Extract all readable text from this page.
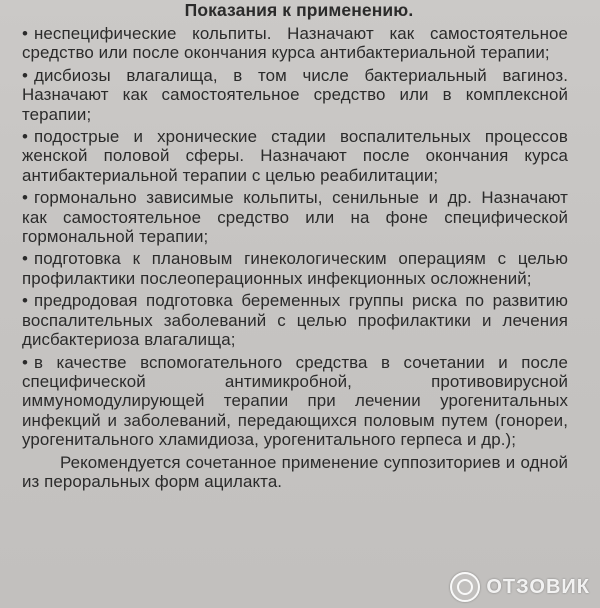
Показания к применению.
• неспецифические кольпиты. Назначают как самостоятельное средство или после окончания курса антибактериальной терапии;
• дисбиозы влагалища, в том числе бактериальный вагиноз. Назначают как самостоятельное средство или в комплексной терапии;
• подострые и хронические стадии воспалительных процессов женской половой сферы. Назначают после окончания курса антибактериальной терапии с целью реабилитации;
• гормонально зависимые кольпиты, сенильные и др. Назначают как самостоятельное средство или на фоне специфической гормональной терапии;
• подготовка к плановым гинекологическим операциям с целью профилактики послеоперационных инфекционных осложнений;
• предродовая подготовка беременных группы риска по развитию воспалительных заболеваний с целью профилактики и лечения дисбактериоза влагалища;
• в качестве вспомогательного средства в сочетании и после специфической антимикробной, противовирусной иммуномодулирующей терапии при лечении урогенитальных инфекций и заболеваний, передающихся половым путем (гонореи, урогенитального хламидиоза, урогенитального герпеса и др.);
Рекомендуется сочетанное применение суппозиториев и одной из пероральных форм ацилакта.
ОТЗОВИК
